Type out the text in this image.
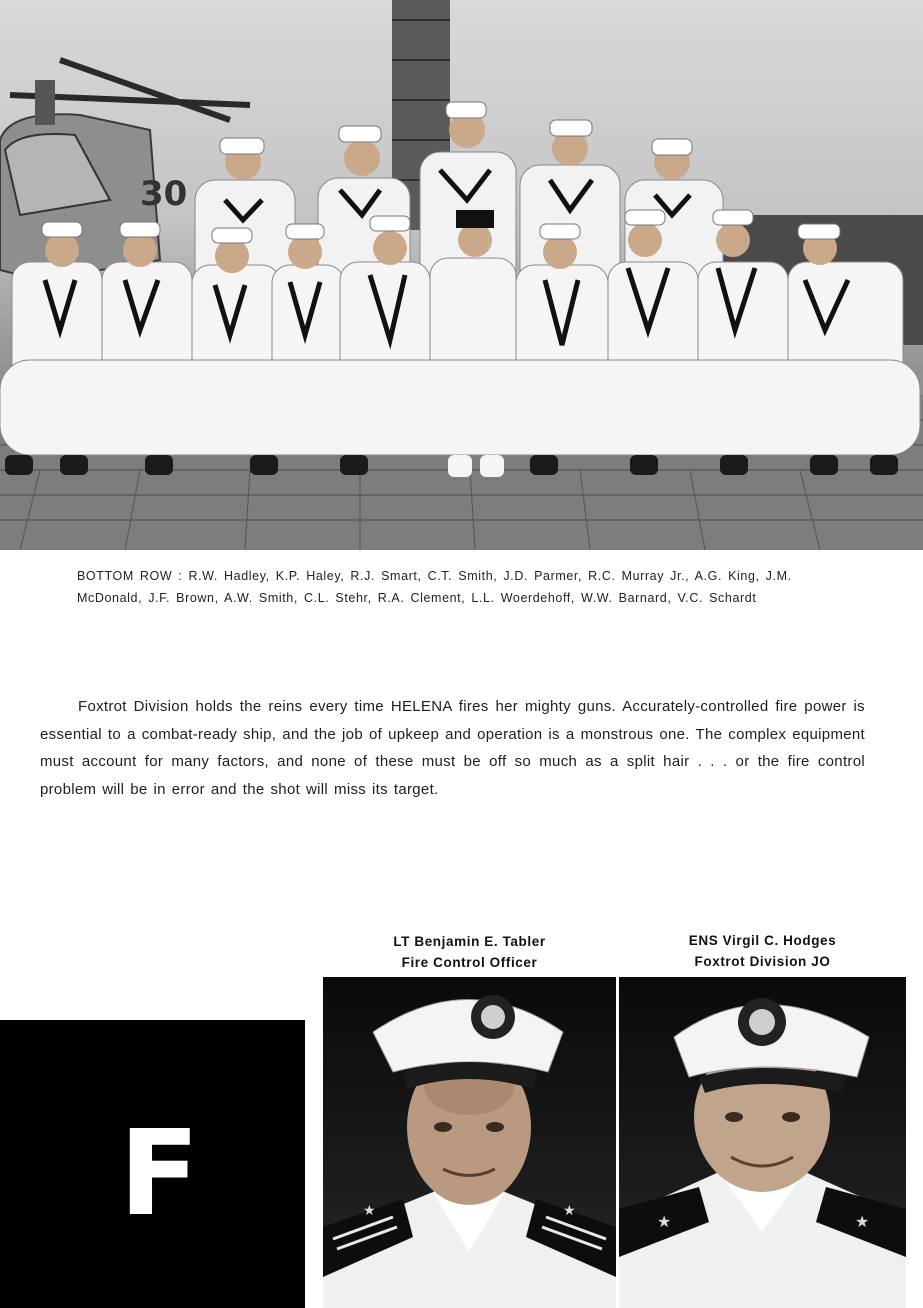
30
BOTTOM ROW : R.W. Hadley, K.P. Haley, R.J. Smart, C.T. Smith, J.D. Parmer, R.C. Murray Jr., A.G. King, J.M. McDonald, J.F. Brown, A.W. Smith, C.L. Stehr, R.A. Clement, L.L. Woerdehoff, W.W. Barnard, V.C. Schardt
Foxtrot Division holds the reins every time HELENA fires her mighty guns. Accurately-controlled fire power is essential to a combat-ready ship, and the job of upkeep and operation is a monstrous one. The complex equipment must account for many factors, and none of these must be off so much as a split hair . . . or the fire control problem will be in error and the shot will miss its target.
LT Benjamin E. Tabler
Fire Control Officer
ENS Virgil C. Hodges
Foxtrot Division JO
F	★	★
★	★
